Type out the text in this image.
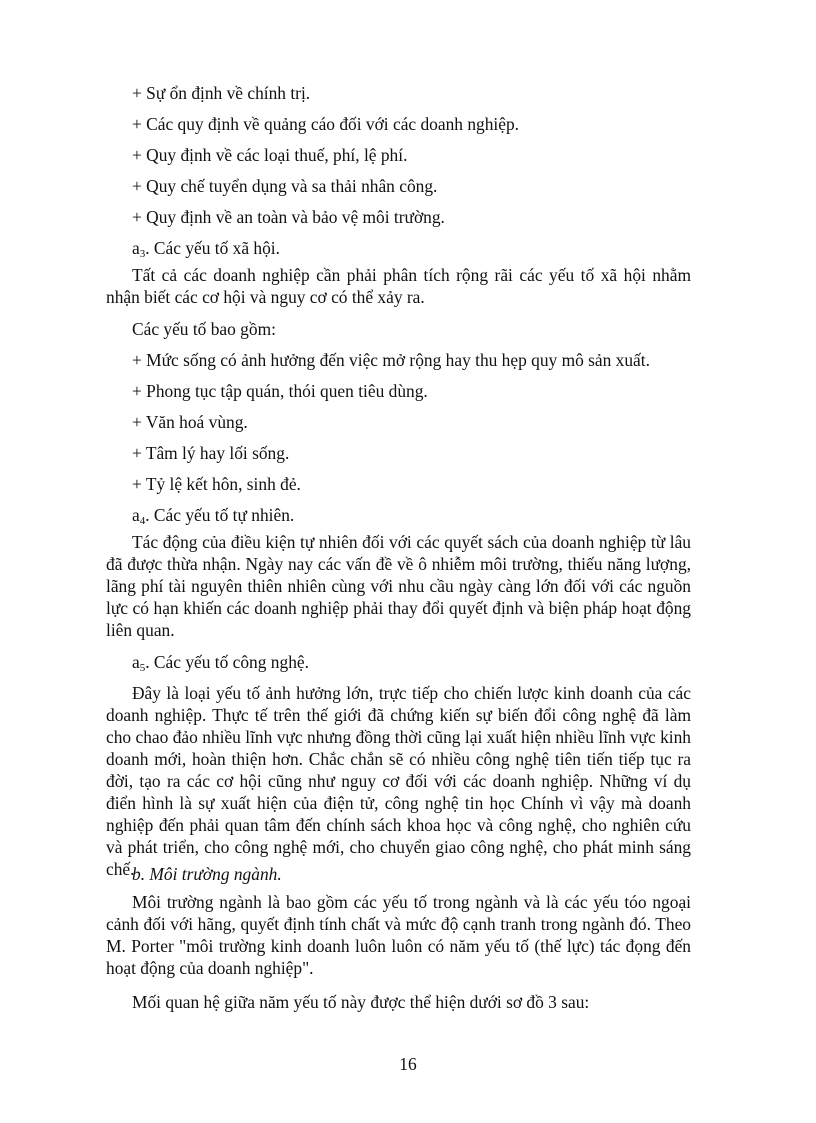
+ Sự ổn định về chính trị.
+ Các quy định về quảng cáo đối với các doanh nghiệp.
+ Quy định về các loại thuế, phí, lệ phí.
+ Quy chế tuyển dụng và sa thải nhân công.
+ Quy định về an toàn và bảo vệ môi trường.
$a_3$. Các yếu tố xã hội.
Tất cả các doanh nghiệp cần phải phân tích rộng rãi các yếu tố xã hội nhằm nhận biết các cơ hội và nguy cơ có thể xảy ra.
Các yếu tố bao gồm:
+ Mức sống có ảnh hưởng đến việc mở rộng hay thu hẹp quy mô sản xuất.
+ Phong tục tập quán, thói quen tiêu dùng.
+ Văn hoá vùng.
+ Tâm lý hay lối sống.
+ Tỷ lệ kết hôn, sinh đẻ.
$a_4$. Các yếu tố tự nhiên.
Tác động của điều kiện tự nhiên đối với các quyết sách của doanh nghiệp từ lâu đã được thừa nhận. Ngày nay các vấn đề về ô nhiễm môi trường, thiếu năng lượng, lãng phí tài nguyên thiên nhiên cùng với nhu cầu ngày càng lớn đối với các nguồn lực có hạn khiến các doanh nghiệp phải thay đổi quyết định và biện pháp hoạt động liên quan.
$a_5$. Các yếu tố công nghệ.
Đây là loại yếu tố ảnh hưởng lớn, trực tiếp cho chiến lược kinh doanh của các doanh nghiệp. Thực tế trên thế giới đã chứng kiến sự biến đổi công nghệ đã làm cho chao đảo nhiều lĩnh vực nhưng đồng thời cũng lại xuất hiện nhiều lĩnh vực kinh doanh mới, hoàn thiện hơn. Chắc chắn sẽ có nhiều công nghệ tiên tiến tiếp tục ra đời, tạo ra các cơ hội cũng như nguy cơ đối với các doanh nghiệp. Những ví dụ điển hình là sự xuất hiện của điện tử, công nghệ tin học Chính vì vậy mà doanh nghiệp đến phải quan tâm đến chính sách khoa học và công nghệ, cho nghiên cứu và phát triển, cho công nghệ mới, cho chuyển giao công nghệ, cho phát minh sáng chế.
b. Môi trường ngành.
Môi trường ngành là bao gồm các yếu tố trong ngành và là các yếu tóo ngoại cảnh đối với hãng, quyết định tính chất và mức độ cạnh tranh trong ngành đó. Theo M. Porter "môi trường kinh doanh luôn luôn có năm yếu tố (thế lực) tác đọng đến hoạt động của doanh nghiệp".
Mối quan hệ giữa năm yếu tố này được thể hiện dưới sơ đồ 3 sau:
16
